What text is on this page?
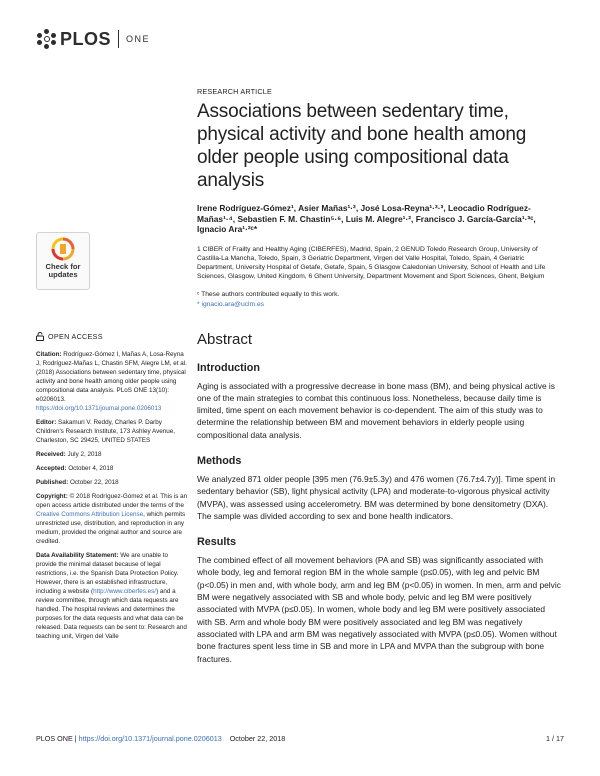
PLOS ONE
Check for updates
OPEN ACCESS

Citation: Rodríguez-Gómez I, Mañas A, Losa-Reyna J, Rodríguez-Mañas L, Chastin SFM, Alegre LM, et al. (2018) Associations between sedentary time, physical activity and bone health among older people using compositional data analysis. PLoS ONE 13(10): e0206013. https://doi.org/10.1371/journal.pone.0206013

Editor: Sakamuri V. Reddy, Charles P. Darby Children's Research Institute, 173 Ashley Avenue, Charleston, SC 29425, UNITED STATES

Received: July 2, 2018

Accepted: October 4, 2018

Published: October 22, 2018

Copyright: © 2018 Rodríguez-Gómez et al. This is an open access article distributed under the terms of the Creative Commons Attribution License, which permits unrestricted use, distribution, and reproduction in any medium, provided the original author and source are credited.

Data Availability Statement: We are unable to provide the minimal dataset because of legal restrictions, i.e. the Spanish Data Protection Policy. However, there is an established infrastructure, including a website (http://www.ciberfes.es/) and a review committee, through which data requests are handled. The hospital reviews and determines the purposes for the data requests and what data can be released. Data requests can be sent to: Research and teaching unit, Virgen del Valle

RESEARCH ARTICLE
Associations between sedentary time, physical activity and bone health among older people using compositional data analysis
Irene Rodríguez-Gómez¹, Asier Mañas¹·², José Losa-Reyna¹·²·³, Leocadio Rodríguez-Mañas¹·⁴, Sebastien F. M. Chastin⁵·⁶, Luis M. Alegre¹·², Francisco J. García-García¹·³ᶜ, Ignacio Ara¹·²ᶜ*
1 CIBER of Frailty and Healthy Aging (CIBERFES), Madrid, Spain, 2 GENUD Toledo Research Group, University of Castilla-La Mancha, Toledo, Spain, 3 Geriatric Department, Virgen del Valle Hospital, Toledo, Spain, 4 Geriatric Department, University Hospital of Getafe, Getafe, Spain, 5 Glasgow Caledonian University, School of Health and Life Sciences, Glasgow, United Kingdom, 6 Ghent University, Department Movement and Sport Sciences, Ghent, Belgium
ᶜ These authors contributed equally to this work.
* ignacio.ara@uclm.es
Abstract
Introduction
Aging is associated with a progressive decrease in bone mass (BM), and being physical active is one of the main strategies to combat this continuous loss. Nonetheless, because daily time is limited, time spent on each movement behavior is co-dependent. The aim of this study was to determine the relationship between BM and movement behaviors in elderly people using compositional data analysis.
Methods
We analyzed 871 older people [395 men (76.9±5.3y) and 476 women (76.7±4.7y)]. Time spent in sedentary behavior (SB), light physical activity (LPA) and moderate-to-vigorous physical activity (MVPA), was assessed using accelerometry. BM was determined by bone densitometry (DXA). The sample was divided according to sex and bone health indicators.
Results
The combined effect of all movement behaviors (PA and SB) was significantly associated with whole body, leg and femoral region BM in the whole sample (p≤0.05), with leg and pelvic BM (p<0.05) in men and, with whole body, arm and leg BM (p<0.05) in women. In men, arm and pelvic BM were negatively associated with SB and whole body, pelvic and leg BM were positively associated with MVPA (p≤0.05). In women, whole body and leg BM were positively associated with SB. Arm and whole body BM were positively associated and leg BM was negatively associated with LPA and arm BM was negatively associated with MVPA (p≤0.05). Women without bone fractures spent less time in SB and more in LPA and MVPA than the subgroup with bone fractures.
PLOS ONE | https://doi.org/10.1371/journal.pone.0206013 October 22, 2018	1 / 17
